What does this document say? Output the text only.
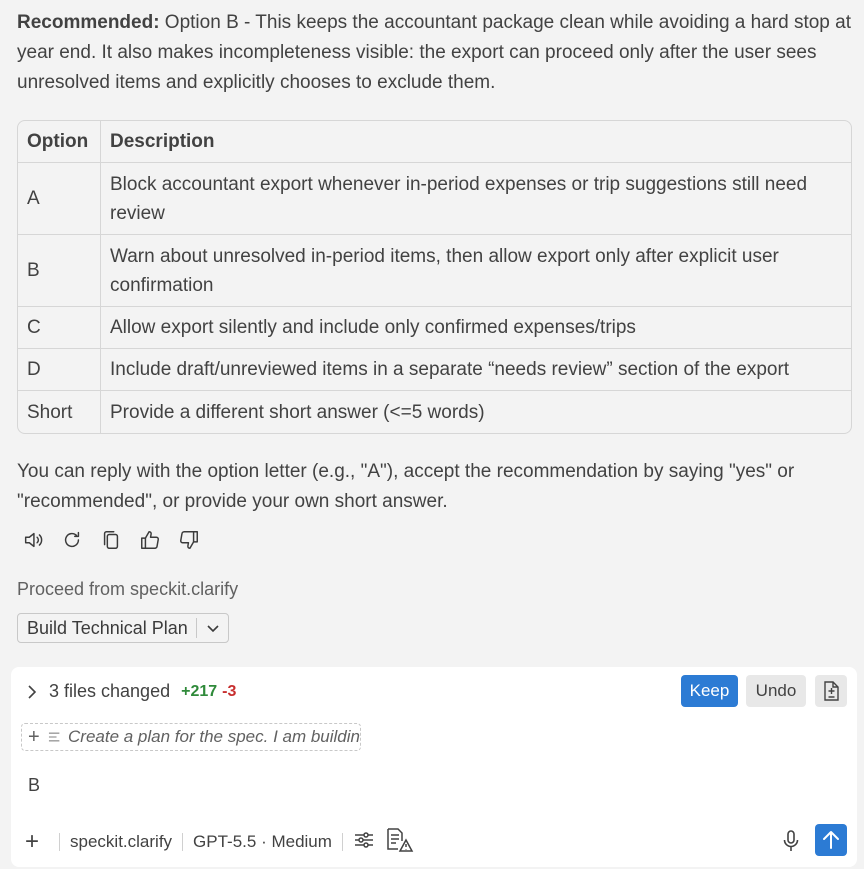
Recommended: Option B - This keeps the accountant package clean while avoiding a hard stop at year end. It also makes incompleteness visible: the export can proceed only after the user sees unresolved items and explicitly chooses to exclude them.

Option	Description
A	Block accountant export whenever in-period expenses or trip suggestions still need review
B	Warn about unresolved in-period items, then allow export only after explicit user confirmation
C	Allow export silently and include only confirmed expenses/trips
D	Include draft/unreviewed items in a separate “needs review” section of the export
Short	Provide a different short answer (<=5 words)

You can reply with the option letter (e.g., "A"), accept the recommendation by saying "yes" or "recommended", or provide your own short answer.

Proceed from speckit.clarify
Build Technical Plan
3 files changed +217 -3	Keep	Undo
+ Create a plan for the spec. I am buildin
B
+ speckit.clarify GPT-5.5 · Medium
